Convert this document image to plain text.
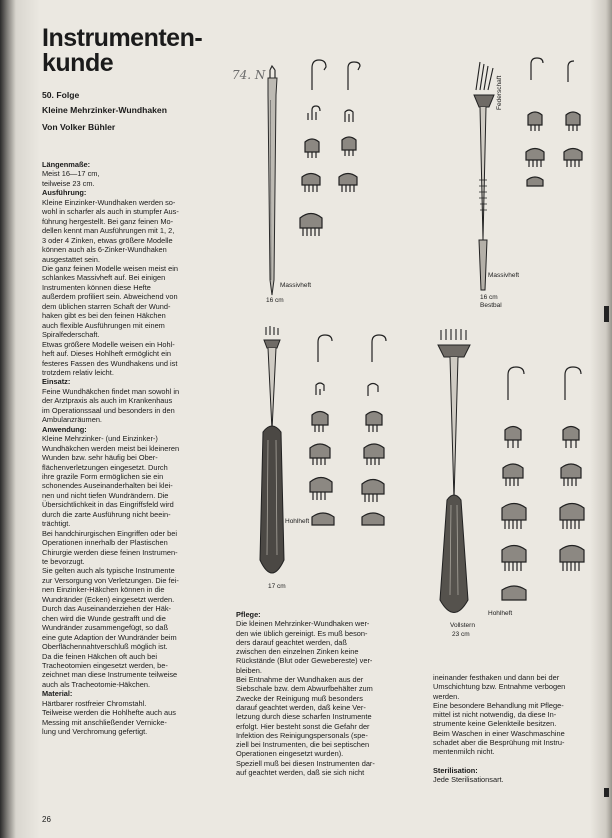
Instrumenten-
kunde	74. N
50. Folge
Kleine Mehrzinker-Wundhaken
Von Volker Bühler

Längenmaße:

Meist 16—17 cm,

teilweise 23 cm.

Ausführung:

Kleine Einzinker-Wundhaken werden so-

wohl in scharfer als auch in stumpfer Aus-

führung hergestellt. Bei ganz feinen Mo-

dellen kennt man Ausführungen mit 1, 2,

3 oder 4 Zinken, etwas größere Modelle

können auch als 6-Zinker-Wundhaken

ausgestattet sein.

Die ganz feinen Modelle weisen meist ein

schlankes Massivheft auf. Bei einigen

Instrumenten können diese Hefte

außerdem profiliert sein. Abweichend von

dem üblichen starren Schaft der Wund-

haken gibt es bei den feinen Häkchen

auch flexible Ausführungen mit einem

Spiralfederschaft.

Etwas größere Modelle weisen ein Hohl-

heft auf. Dieses Hohlheft ermöglicht ein

festeres Fassen des Wundhakens und ist

trotzdem relativ leicht.

Einsatz:

Feine Wundhäkchen findet man sowohl in

der Arztpraxis als auch im Krankenhaus

im Operationssaal und besonders in den

Ambulanzräumen.

Anwendung:

Kleine Mehrzinker- (und Einzinker-)

Wundhäkchen werden meist bei kleineren

Wunden bzw. sehr häufig bei Ober-

flächenverletzungen eingesetzt. Durch

ihre grazile Form ermöglichen sie ein

schonendes Auseinanderhalten bei klei-

nen und nicht tiefen Wundrändern. Die

Übersichtlichkeit in das Eingriffsfeld wird

durch die zarte Ausführung nicht beein-

trächtigt.

Bei handchirurgischen Eingriffen oder bei

Operationen innerhalb der Plastischen

Chirurgie werden diese feinen Instrumen-

te bevorzugt.

Sie gelten auch als typische Instrumente

zur Versorgung von Verletzungen. Die fei-

nen Einzinker-Häkchen können in die

Wundränder (Ecken) eingesetzt werden.

Durch das Auseinanderziehen der Häk-

chen wird die Wunde gestrafft und die

Wundränder zusammengefügt, so daß

eine gute Adaption der Wundränder beim

Oberflächennahtverschluß möglich ist.

Da die feinen Häkchen oft auch bei

Tracheotomien eingesetzt werden, be-

zeichnet man diese Instrumente teilweise

auch als Tracheotomie-Häkchen.

Material:

Härtbarer rostfreier Chromstahl.

Teilweise werden die Hohlhefte auch aus

Messing mit anschließender Vernicke-

lung und Verchromung gefertigt.

Pflege:

Die kleinen Mehrzinker-Wundhaken wer-

den wie üblich gereinigt. Es muß beson-

ders darauf geachtet werden, daß

zwischen den einzelnen Zinken keine

Rückstände (Blut oder Gewebereste) ver-

bleiben.

Bei Entnahme der Wundhaken aus der

Siebschale bzw. dem Abwurfbehälter zum

Zwecke der Reinigung muß besonders

darauf geachtet werden, daß keine Ver-

letzung durch diese scharfen Instrumente

erfolgt. Hier besteht sonst die Gefahr der

Infektion des Reinigungspersonals (spe-

ziell bei Instrumenten, die bei septischen

Operationen eingesetzt wurden).

Speziell muß bei diesen Instrumenten dar-

auf geachtet werden, daß sie sich nicht

ineinander festhaken und dann bei der

Umschichtung bzw. Entnahme verbogen

werden.

Eine besondere Behandlung mit Pflege-

mittel ist nicht notwendig, da diese In-

strumente keine Gelenkteile besitzen.

Beim Waschen in einer Waschmaschine

schadet aber die Besprühung mit Instru-

mentenmilch nicht.

Sterilisation:

Jede Sterilisationsart.

Massivheft
16 cm
Federschaft
Massivheft
16 cm
Bestbal
Hohlheft
17 cm
Hohlheft
Vollstern
23 cm
26
